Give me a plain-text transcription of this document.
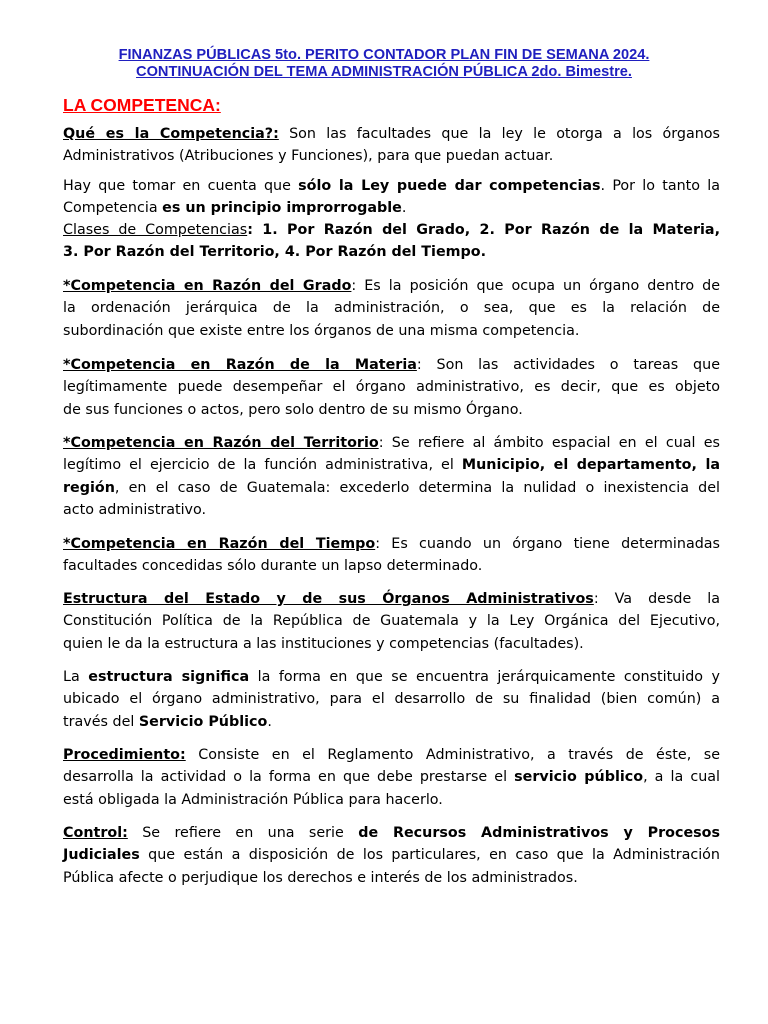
FINANZAS PÚBLICAS 5to. PERITO CONTADOR PLAN FIN DE SEMANA 2024.
CONTINUACIÓN DEL TEMA ADMINISTRACIÓN PÚBLICA 2do. Bimestre.
LA COMPETENCA:
Qué es la Competencia?: Son las facultades que la ley le otorga a los órganos
Administrativos (Atribuciones y Funciones), para que puedan actuar.
Hay que tomar en cuenta que sólo la Ley puede dar competencias. Por lo tanto la
Competencia es un principio improrrogable.
Clases de Competencias: 1. Por Razón del Grado, 2. Por Razón de la Materia,
3. Por Razón del Territorio, 4. Por Razón del Tiempo.
*Competencia en Razón del Grado: Es la posición que ocupa un órgano dentro de
la ordenación jerárquica de la administración, o sea, que es la relación de
subordinación que existe entre los órganos de una misma competencia.
*Competencia en Razón de la Materia: Son las actividades o tareas que
legítimamente puede desempeñar el órgano administrativo, es decir, que es objeto
de sus funciones o actos, pero solo dentro de su mismo Órgano.
*Competencia en Razón del Territorio: Se refiere al ámbito espacial en el cual es
legítimo el ejercicio de la función administrativa, el Municipio, el departamento, la
región, en el caso de Guatemala: excederlo determina la nulidad o inexistencia del
acto administrativo.
*Competencia en Razón del Tiempo: Es cuando un órgano tiene determinadas
facultades concedidas sólo durante un lapso determinado.
Estructura del Estado y de sus Órganos Administrativos: Va desde la
Constitución Política de la República de Guatemala y la Ley Orgánica del Ejecutivo,
quien le da la estructura a las instituciones y competencias (facultades).
La estructura significa la forma en que se encuentra jerárquicamente constituido y
ubicado el órgano administrativo, para el desarrollo de su finalidad (bien común) a
través del Servicio Público.
Procedimiento: Consiste en el Reglamento Administrativo, a través de éste, se
desarrolla la actividad o la forma en que debe prestarse el servicio público, a la cual
está obligada la Administración Pública para hacerlo.
Control: Se refiere en una serie de Recursos Administrativos y Procesos
Judiciales que están a disposición de los particulares, en caso que la Administración
Pública afecte o perjudique los derechos e interés de los administrados.
